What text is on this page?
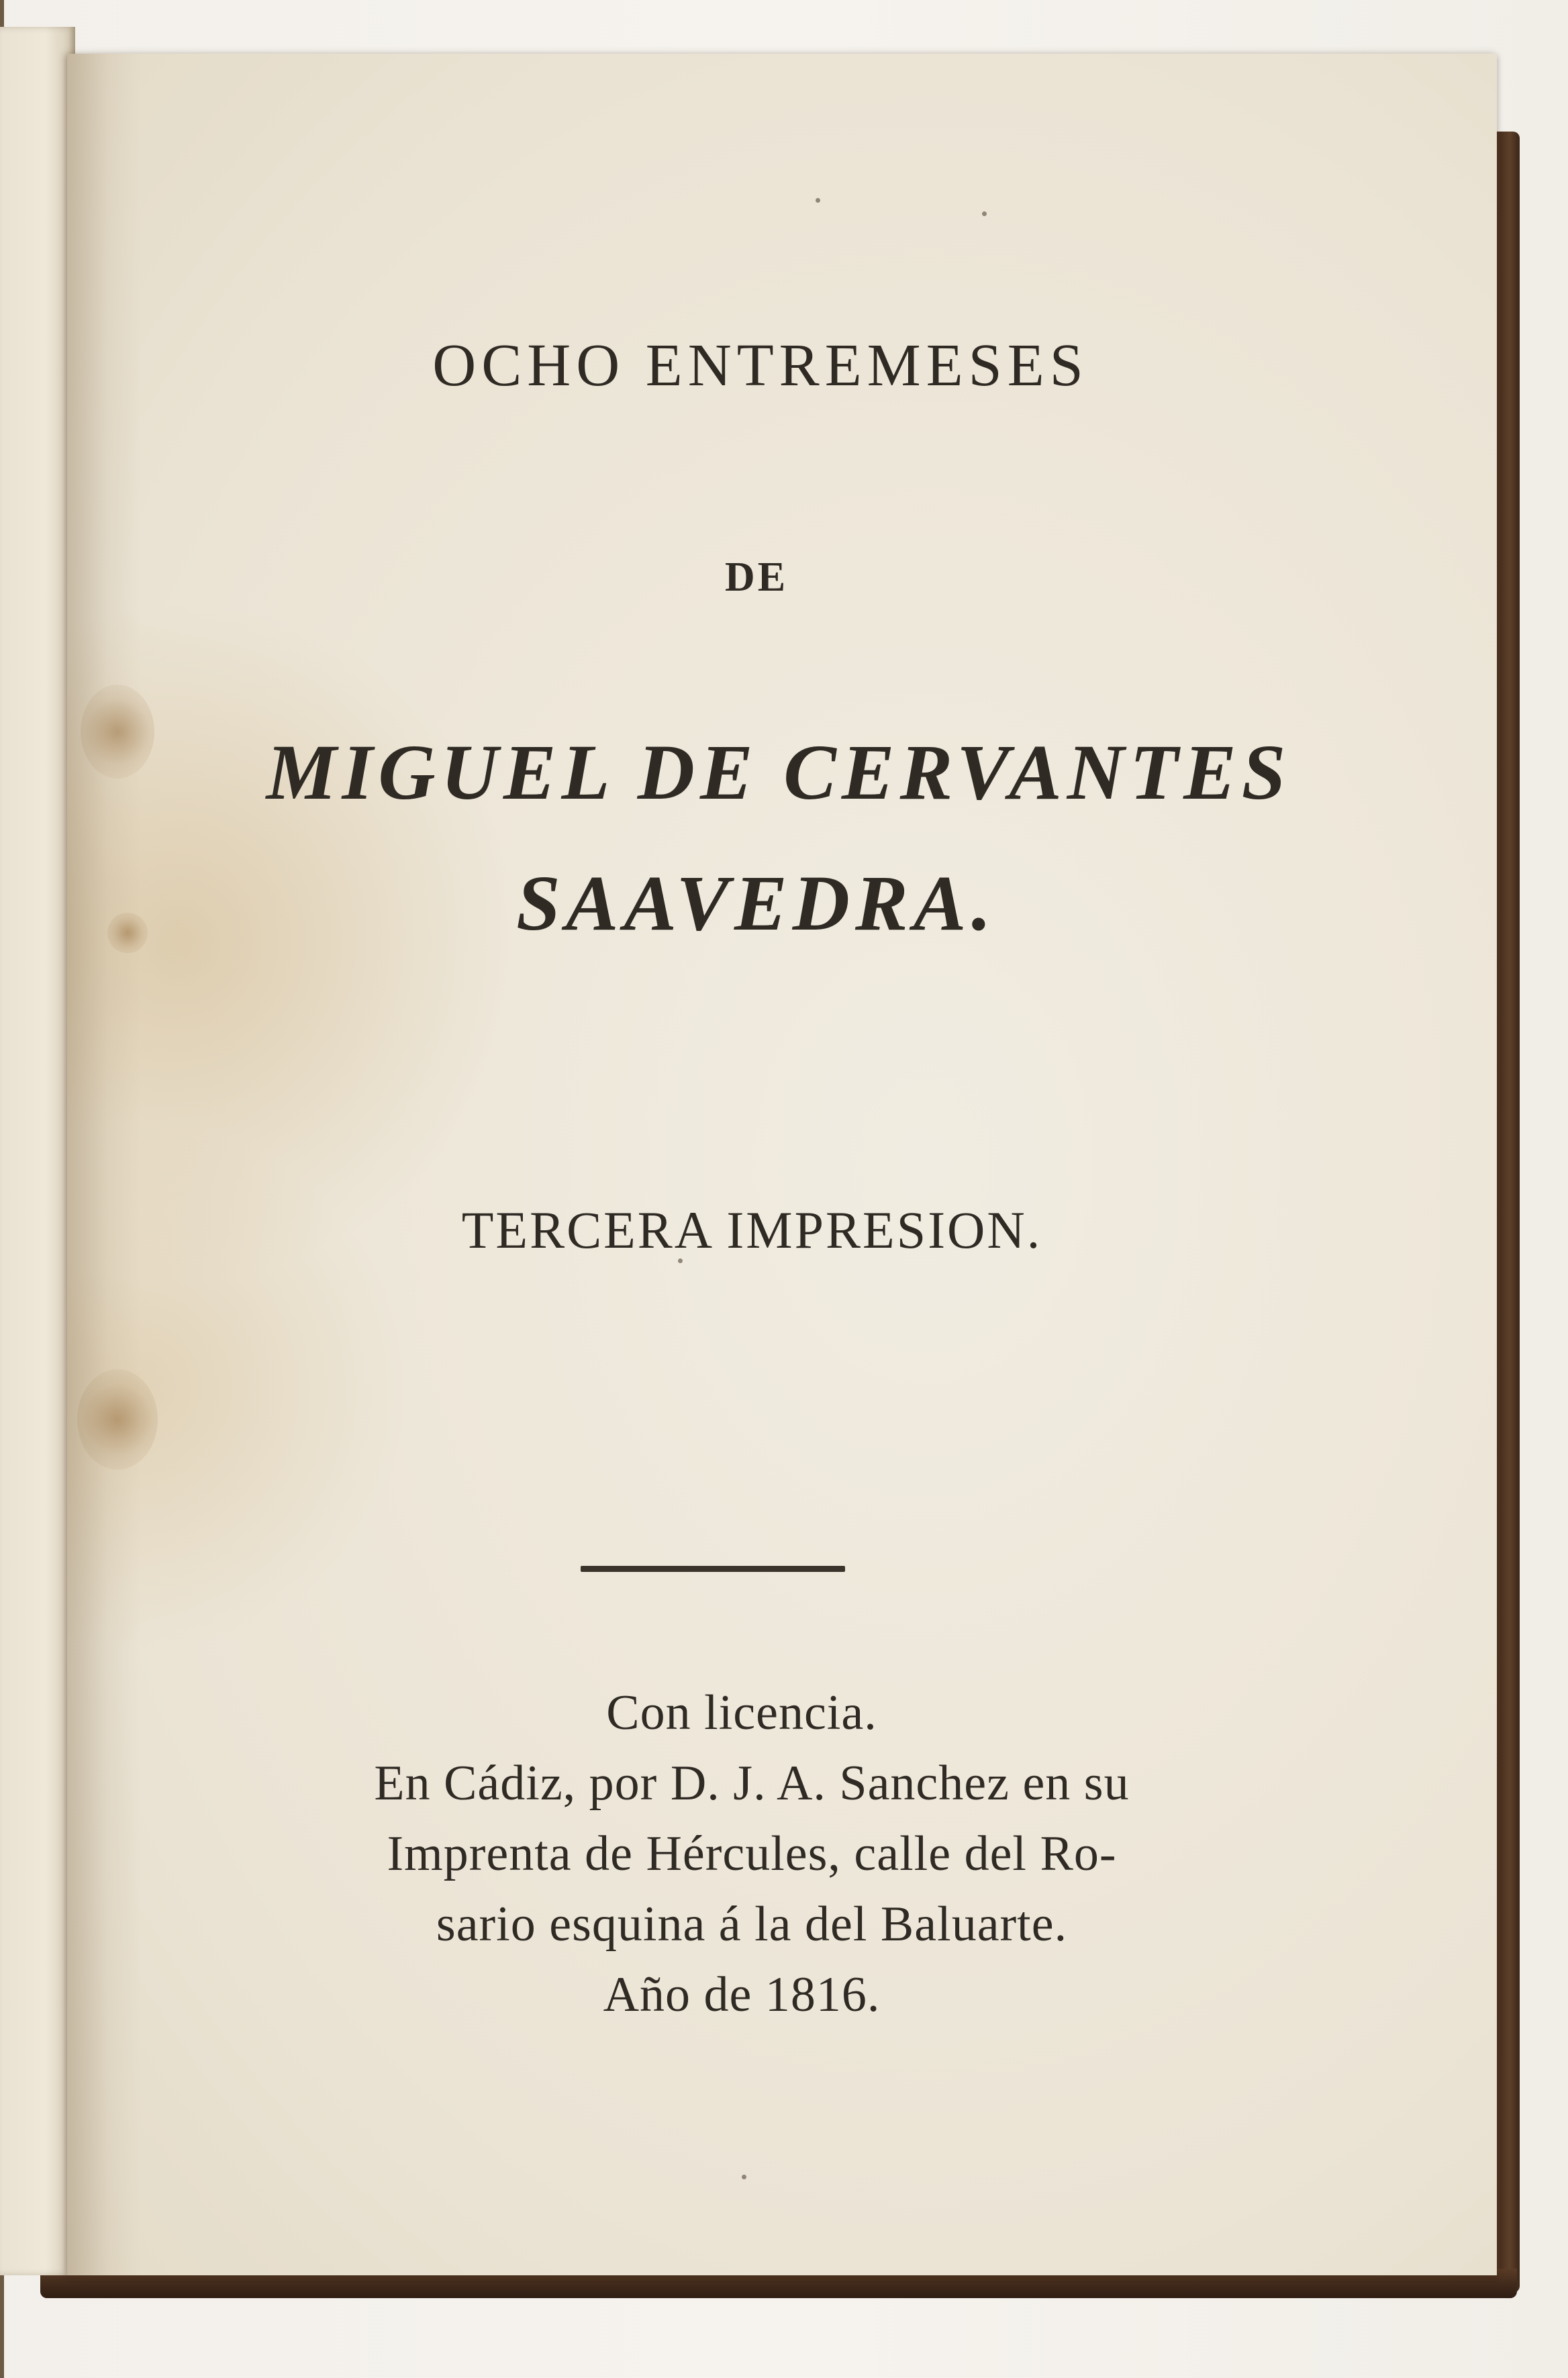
OCHO ENTREMESES
DE
MIGUEL DE CERVANTES
SAAVEDRA.
TERCERA IMPRESION.
Con licencia.
En Cádiz, por D. J. A. Sanchez en su
Imprenta de Hércules, calle del Ro-
sario esquina á la del Baluarte.
Año de 1816.
